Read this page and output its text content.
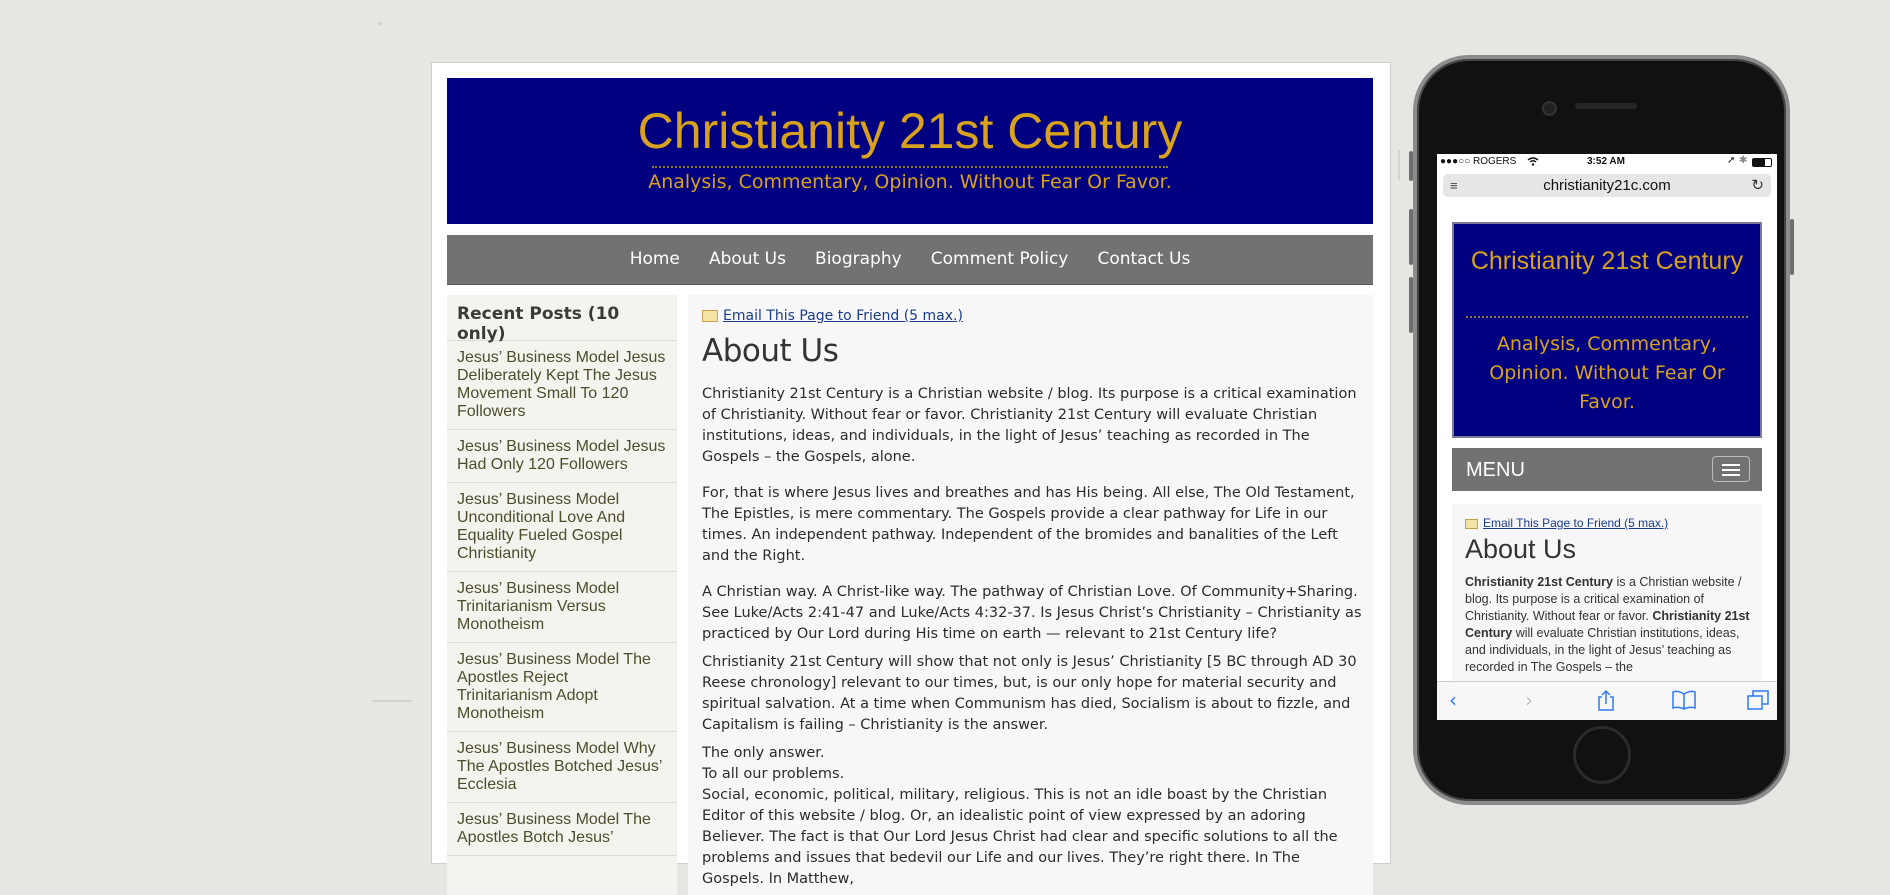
Christianity 21st Century
Analysis, Commentary, Opinion. Without Fear Or Favor.
Home About Us Biography Comment Policy Contact Us
Recent Posts (10 only)
Jesus’ Business Model Jesus Deliberately Kept The Jesus Movement Small To 120 Followers
Jesus’ Business Model Jesus Had Only 120 Followers
Jesus’ Business Model Unconditional Love And Equality Fueled Gospel Christianity
Jesus’ Business Model Trinitarianism Versus Monotheism
Jesus’ Business Model The Apostles Reject Trinitarianism Adopt Monotheism
Jesus’ Business Model Why The Apostles Botched Jesus’ Ecclesia
Jesus’ Business Model The Apostles Botch Jesus’
Email This Page to Friend (5 max.)
About Us

Christianity 21st Century is a Christian website / blog. Its purpose is a critical examination of Christianity. Without fear or favor. Christianity 21st Century will evaluate Christian institutions, ideas, and individuals, in the light of Jesus’ teaching as recorded in The Gospels – the Gospels, alone.

For, that is where Jesus lives and breathes and has His being. All else, The Old Testament, The Epistles, is mere commentary. The Gospels provide a clear pathway for Life in our times. An independent pathway. Independent of the bromides and banalities of the Left and the Right.

A Christian way. A Christ-like way. The pathway of Christian Love. Of Community+Sharing. See Luke/Acts 2:41-47 and Luke/Acts 4:32-37. Is Jesus Christ’s Christianity – Christianity as practiced by Our Lord during His time on earth — relevant to 21st Century life?

Christianity 21st Century will show that not only is Jesus’ Christianity [5 BC through AD 30 Reese chronology] relevant to our times, but, is our only hope for material security and spiritual salvation. At a time when Communism has died, Socialism is about to fizzle, and Capitalism is failing – Christianity is the answer.

The only answer.

To all our problems.

Social, economic, political, military, religious. This is not an idle boast by the Christian Editor of this website / blog. Or, an idealistic point of view expressed by an adoring Believer. The fact is that Our Lord Jesus Christ had clear and specific solutions to all the problems and issues that bedevil our Life and our lives. They’re right there. In The Gospels. In Matthew,

●●●○○ ROGERS	3:52 AM	➚ ✱
≡	christianity21c.com	↻
Christianity 21st Century
Analysis, Commentary, Opinion. Without Fear Or Favor.
MENU
Email This Page to Friend (5 max.)
About Us
Christianity 21st Century is a Christian website / blog. Its purpose is a critical examination of Christianity. Without fear or favor. Christianity 21st Century will evaluate Christian institutions, ideas, and individuals, in the light of Jesus’ teaching as recorded in The Gospels – the
‹	›
